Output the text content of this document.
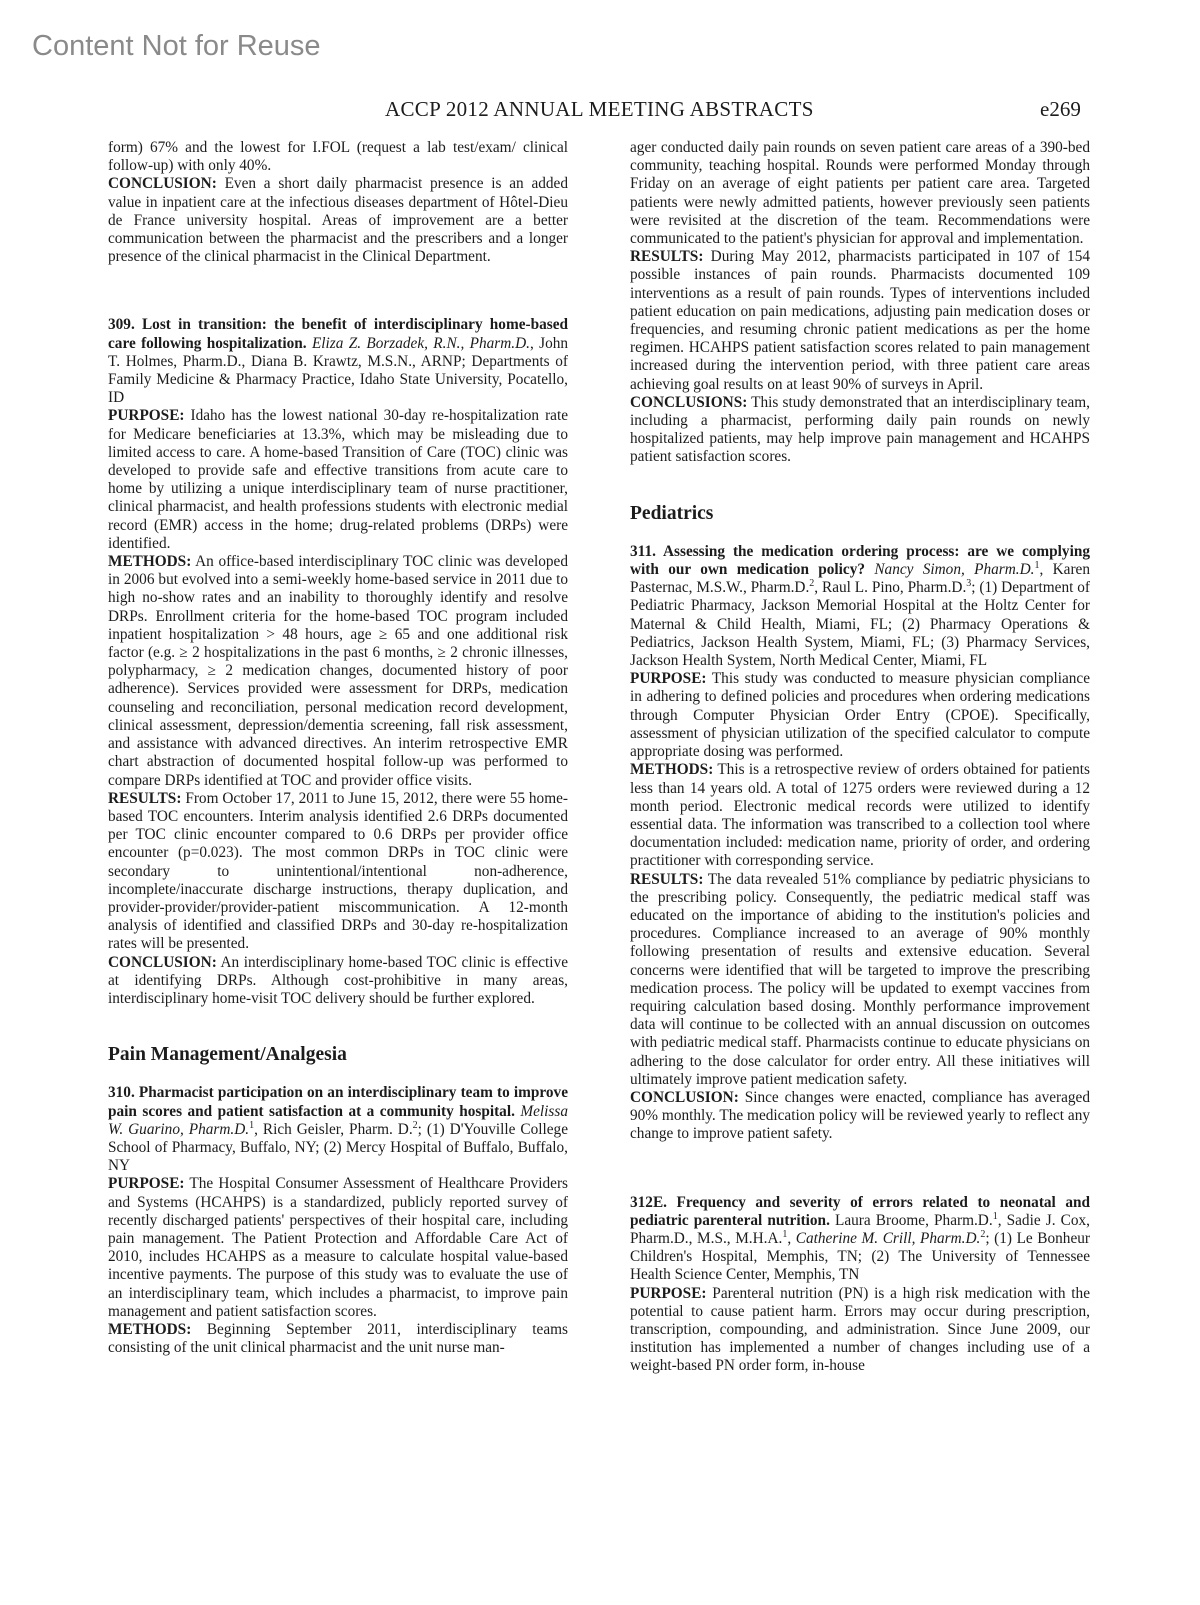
Content Not for Reuse
ACCP 2012 ANNUAL MEETING ABSTRACTS	e269

form) 67% and the lowest for I.FOL (request a lab test/exam/ clinical follow-up) with only 40%.

CONCLUSION: Even a short daily pharmacist presence is an added value in inpatient care at the infectious diseases department of Hôtel-Dieu de France university hospital. Areas of improvement are a better communication between the pharmacist and the prescribers and a longer presence of the clinical pharmacist in the Clinical Department.

309. Lost in transition: the benefit of interdisciplinary home-based care following hospitalization. Eliza Z. Borzadek, R.N., Pharm.D., John T. Holmes, Pharm.D., Diana B. Krawtz, M.S.N., ARNP; Departments of Family Medicine & Pharmacy Practice, Idaho State University, Pocatello, ID

PURPOSE: Idaho has the lowest national 30-day re-hospitalization rate for Medicare beneficiaries at 13.3%, which may be misleading due to limited access to care. A home-based Transition of Care (TOC) clinic was developed to provide safe and effective transitions from acute care to home by utilizing a unique interdisciplinary team of nurse practitioner, clinical pharmacist, and health professions students with electronic medial record (EMR) access in the home; drug-related problems (DRPs) were identified.

METHODS: An office-based interdisciplinary TOC clinic was developed in 2006 but evolved into a semi-weekly home-based service in 2011 due to high no-show rates and an inability to thoroughly identify and resolve DRPs. Enrollment criteria for the home-based TOC program included inpatient hospitalization > 48 hours, age ≥ 65 and one additional risk factor (e.g. ≥ 2 hospitalizations in the past 6 months, ≥ 2 chronic illnesses, polypharmacy, ≥ 2 medication changes, documented history of poor adherence). Services provided were assessment for DRPs, medication counseling and reconciliation, personal medication record development, clinical assessment, depression/dementia screening, fall risk assessment, and assistance with advanced directives. An interim retrospective EMR chart abstraction of documented hospital follow-up was performed to compare DRPs identified at TOC and provider office visits.

RESULTS: From October 17, 2011 to June 15, 2012, there were 55 home-based TOC encounters. Interim analysis identified 2.6 DRPs documented per TOC clinic encounter compared to 0.6 DRPs per provider office encounter (p=0.023). The most common DRPs in TOC clinic were secondary to unintentional/intentional non-adherence, incomplete/inaccurate discharge instructions, therapy duplication, and provider-provider/provider-patient miscommunication. A 12-month analysis of identified and classified DRPs and 30-day re-hospitalization rates will be presented.

CONCLUSION: An interdisciplinary home-based TOC clinic is effective at identifying DRPs. Although cost-prohibitive in many areas, interdisciplinary home-visit TOC delivery should be further explored.

Pain Management/Analgesia

310. Pharmacist participation on an interdisciplinary team to improve pain scores and patient satisfaction at a community hospital. Melissa W. Guarino, Pharm.D.$^1$, Rich Geisler, Pharm. D.$^2$; (1) D'Youville College School of Pharmacy, Buffalo, NY; (2) Mercy Hospital of Buffalo, Buffalo, NY

PURPOSE: The Hospital Consumer Assessment of Healthcare Providers and Systems (HCAHPS) is a standardized, publicly reported survey of recently discharged patients' perspectives of their hospital care, including pain management. The Patient Protection and Affordable Care Act of 2010, includes HCAHPS as a measure to calculate hospital value-based incentive payments. The purpose of this study was to evaluate the use of an interdisciplinary team, which includes a pharmacist, to improve pain management and patient satisfaction scores.

METHODS: Beginning September 2011, interdisciplinary teams consisting of the unit clinical pharmacist and the unit nurse man-

ager conducted daily pain rounds on seven patient care areas of a 390-bed community, teaching hospital. Rounds were performed Monday through Friday on an average of eight patients per patient care area. Targeted patients were newly admitted patients, however previously seen patients were revisited at the discretion of the team. Recommendations were communicated to the patient's physician for approval and implementation.

RESULTS: During May 2012, pharmacists participated in 107 of 154 possible instances of pain rounds. Pharmacists documented 109 interventions as a result of pain rounds. Types of interventions included patient education on pain medications, adjusting pain medication doses or frequencies, and resuming chronic patient medications as per the home regimen. HCAHPS patient satisfaction scores related to pain management increased during the intervention period, with three patient care areas achieving goal results on at least 90% of surveys in April.

CONCLUSIONS: This study demonstrated that an interdisciplinary team, including a pharmacist, performing daily pain rounds on newly hospitalized patients, may help improve pain management and HCAHPS patient satisfaction scores.

Pediatrics

311. Assessing the medication ordering process: are we complying with our own medication policy? Nancy Simon, Pharm.D.$^1$, Karen Pasternac, M.S.W., Pharm.D.$^2$, Raul L. Pino, Pharm.D.$^3$; (1) Department of Pediatric Pharmacy, Jackson Memorial Hospital at the Holtz Center for Maternal & Child Health, Miami, FL; (2) Pharmacy Operations & Pediatrics, Jackson Health System, Miami, FL; (3) Pharmacy Services, Jackson Health System, North Medical Center, Miami, FL

PURPOSE: This study was conducted to measure physician compliance in adhering to defined policies and procedures when ordering medications through Computer Physician Order Entry (CPOE). Specifically, assessment of physician utilization of the specified calculator to compute appropriate dosing was performed.

METHODS: This is a retrospective review of orders obtained for patients less than 14 years old. A total of 1275 orders were reviewed during a 12 month period. Electronic medical records were utilized to identify essential data. The information was transcribed to a collection tool where documentation included: medication name, priority of order, and ordering practitioner with corresponding service.

RESULTS: The data revealed 51% compliance by pediatric physicians to the prescribing policy. Consequently, the pediatric medical staff was educated on the importance of abiding to the institution's policies and procedures. Compliance increased to an average of 90% monthly following presentation of results and extensive education. Several concerns were identified that will be targeted to improve the prescribing medication process. The policy will be updated to exempt vaccines from requiring calculation based dosing. Monthly performance improvement data will continue to be collected with an annual discussion on outcomes with pediatric medical staff. Pharmacists continue to educate physicians on adhering to the dose calculator for order entry. All these initiatives will ultimately improve patient medication safety.

CONCLUSION: Since changes were enacted, compliance has averaged 90% monthly. The medication policy will be reviewed yearly to reflect any change to improve patient safety.

312E. Frequency and severity of errors related to neonatal and pediatric parenteral nutrition. Laura Broome, Pharm.D.$^1$, Sadie J. Cox, Pharm.D., M.S., M.H.A.$^1$, Catherine M. Crill, Pharm.D.$^2$; (1) Le Bonheur Children's Hospital, Memphis, TN; (2) The University of Tennessee Health Science Center, Memphis, TN

PURPOSE: Parenteral nutrition (PN) is a high risk medication with the potential to cause patient harm. Errors may occur during prescription, transcription, compounding, and administration. Since June 2009, our institution has implemented a number of changes including use of a weight-based PN order form, in-house
